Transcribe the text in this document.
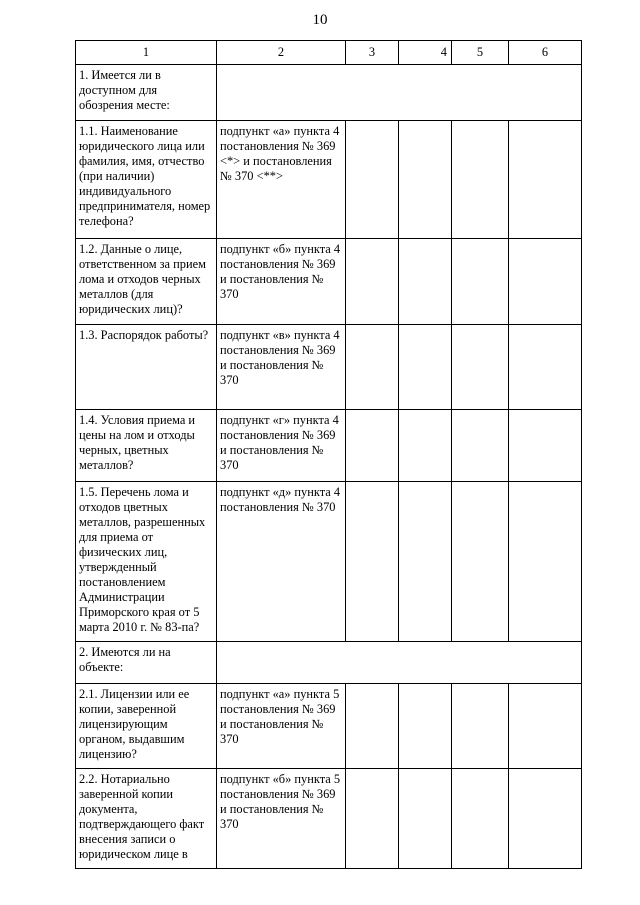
10
1	2	3	4	5	6
1. Имеется ли в доступном для обозрения месте:					
1.1. Наименование юридического лица или фамилия, имя, отчество (при наличии) индивидуального предпринимателя, номер телефона?	подпункт «а» пункта 4 постановления № 369 <*> и постановления № 370 <**>				
1.2. Данные о лице, ответственном за прием лома и отходов черных металлов (для юридических лиц)?	подпункт «б» пункта 4 постановления № 369 и постановления № 370				
1.3. Распорядок работы?	подпункт «в» пункта 4 постановления № 369 и постановления № 370				
1.4. Условия приема и цены на лом и отходы черных, цветных металлов?	подпункт «г» пункта 4 постановления № 369 и постановления № 370				
1.5. Перечень лома и отходов цветных металлов, разрешенных для приема от физических лиц, утвержденный постановлением Администрации Приморского края от 5 марта 2010 г. № 83-па?	подпункт «д» пункта 4 постановления № 370				
2. Имеются ли на объекте:					
2.1. Лицензии или ее копии, заверенной лицензирующим органом, выдавшим лицензию?	подпункт «а» пункта 5 постановления № 369 и постановления № 370				
2.2. Нотариально заверенной копии документа, подтверждающего факт внесения записи о юридическом лице в	подпункт «б» пункта 5 постановления № 369 и постановления № 370				
